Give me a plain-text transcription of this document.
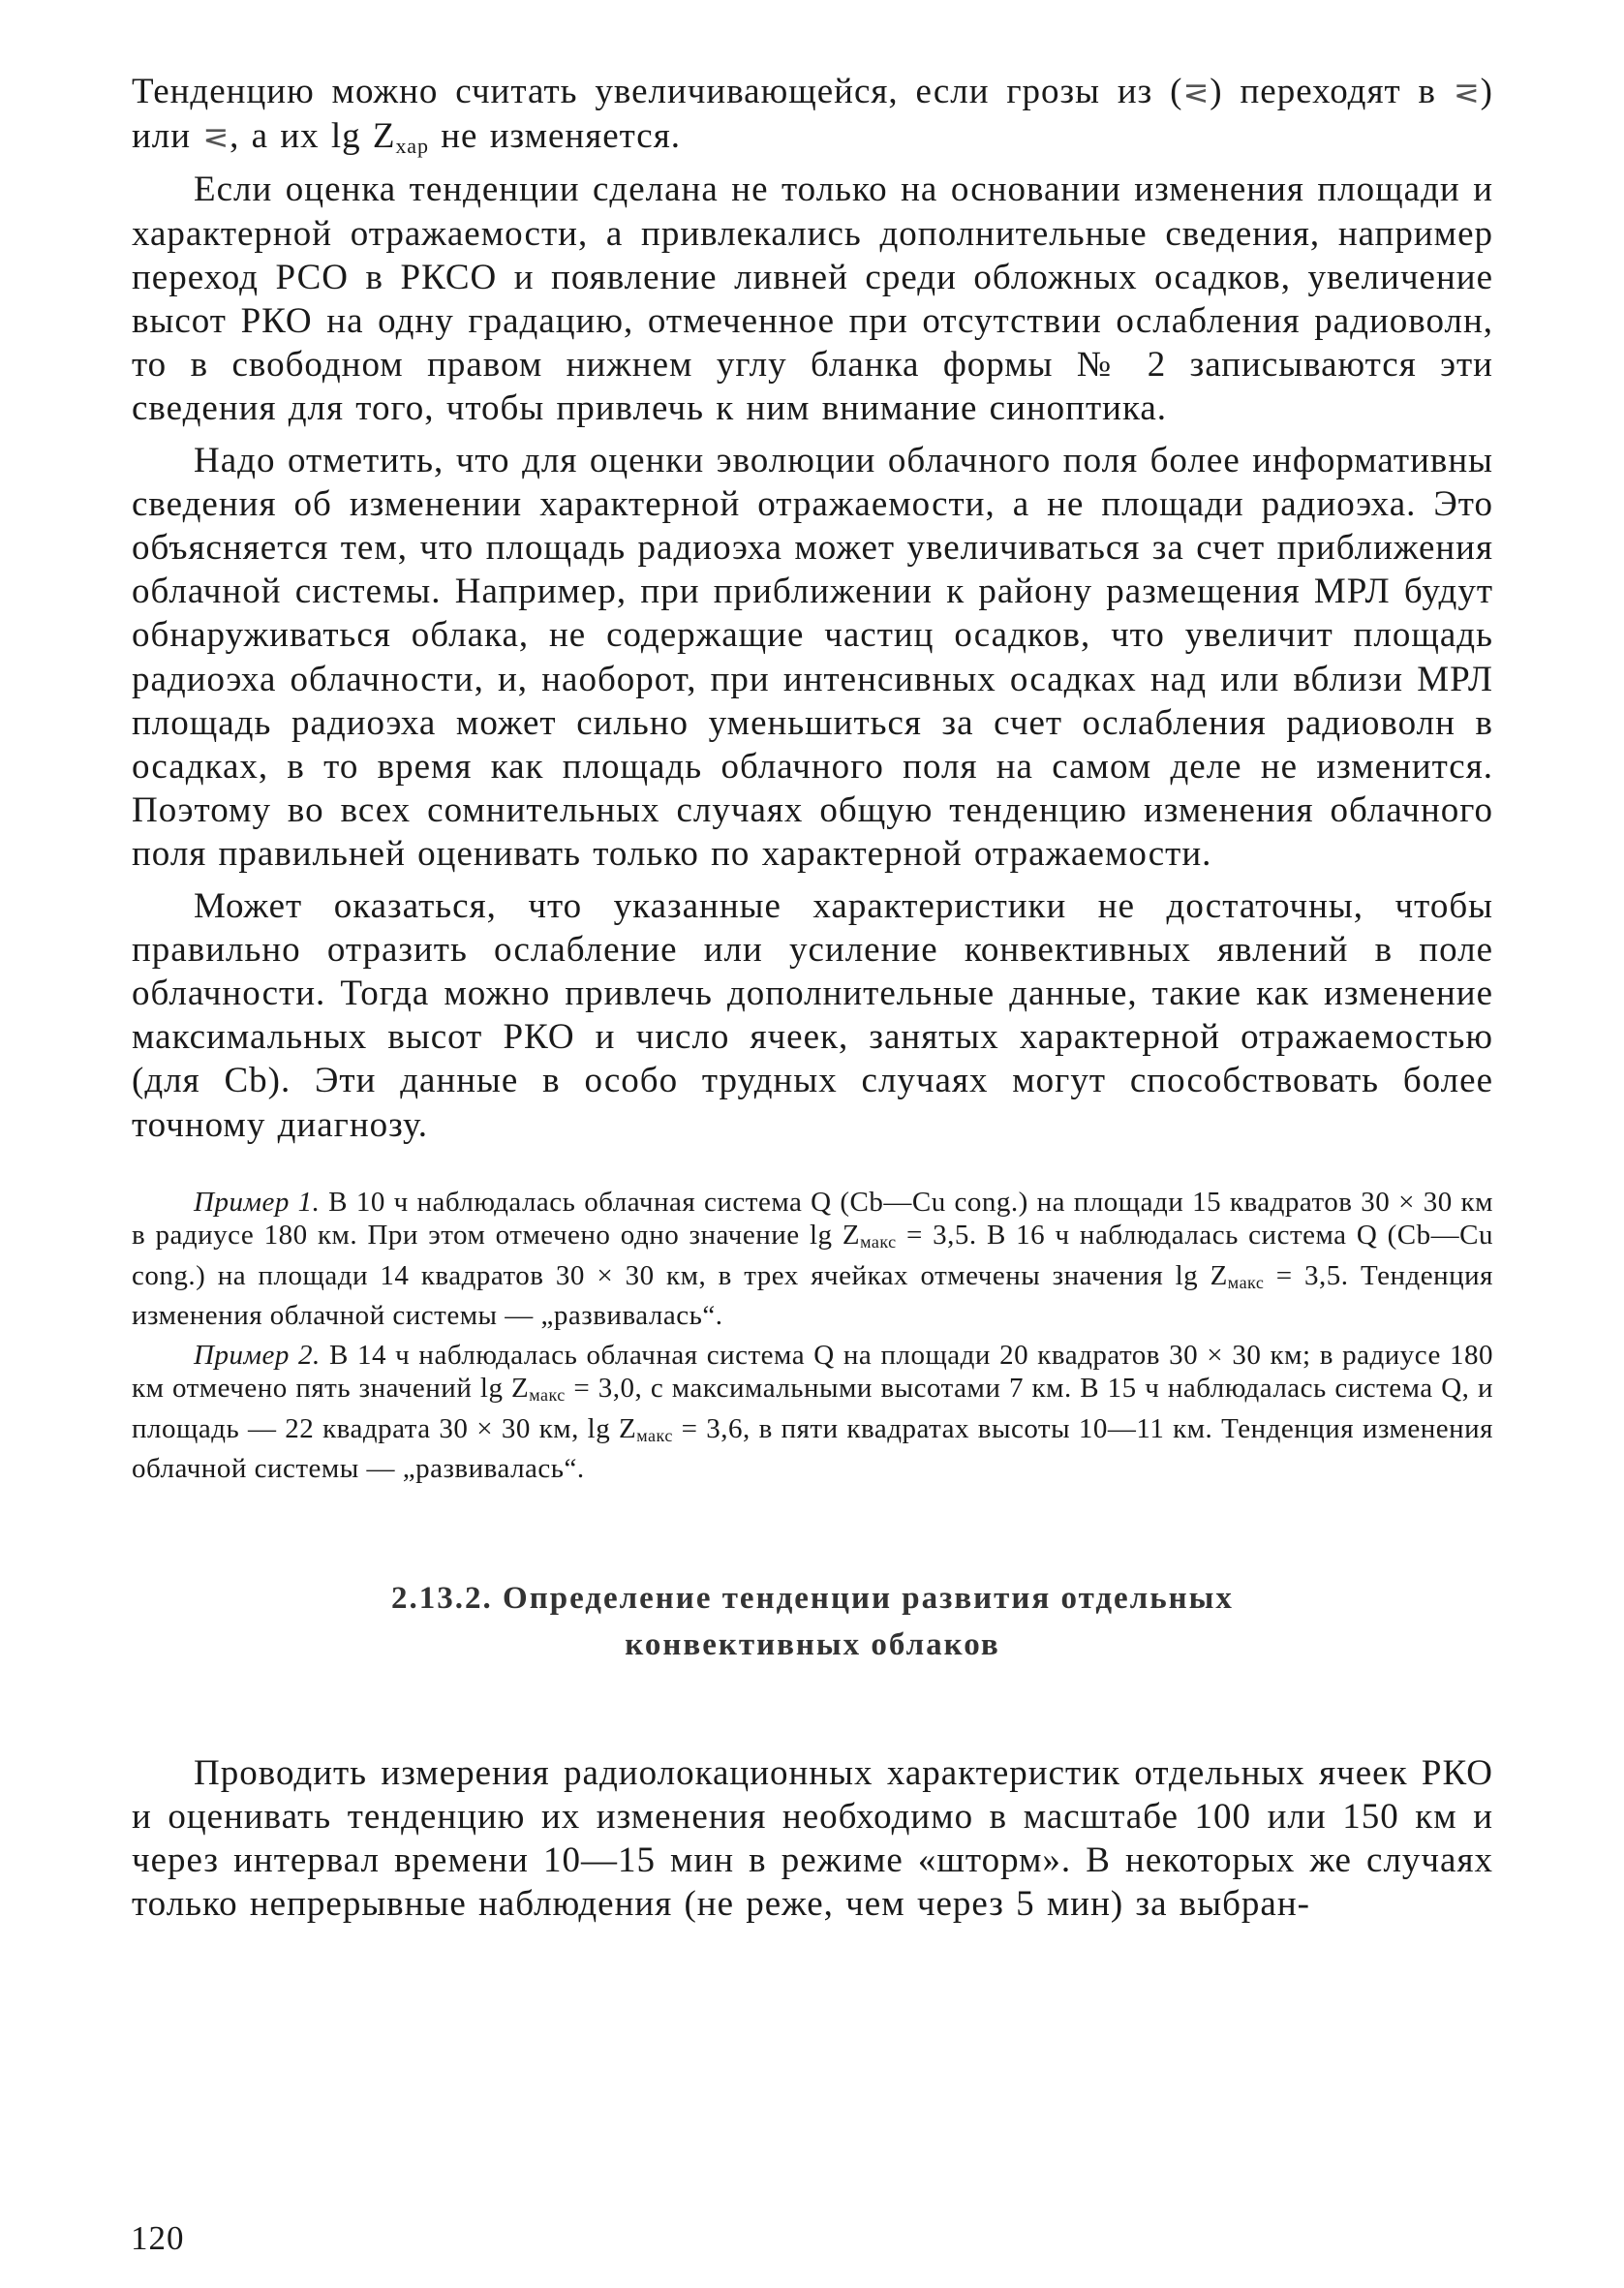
Тенденцию можно считать увеличивающейся, если грозы из (⋜) переходят в ⋜) или ⋜, а их $\lg Z_{хар}$ не изменяется.

Если оценка тенденции сделана не только на основании изменения площади и характерной отражаемости, а привлекались дополнительные сведения, например переход РСО в РКСО и появление ливней среди обложных осадков, увеличение высот РКО на одну градацию, отмеченное при отсутствии ослабления радиоволн, то в свободном правом нижнем углу бланка формы № 2 записываются эти сведения для того, чтобы привлечь к ним внимание синоптика.

Надо отметить, что для оценки эволюции облачного поля более информативны сведения об изменении характерной отражаемости, а не площади радиоэха. Это объясняется тем, что площадь радиоэха может увеличиваться за счет приближения облачной системы. Например, при приближении к району размещения МРЛ будут обнаруживаться облака, не содержащие частиц осадков, что увеличит площадь радиоэха облачности, и, наоборот, при интенсивных осадках над или вблизи МРЛ площадь радиоэха может сильно уменьшиться за счет ослабления радиоволн в осадках, в то время как площадь облачного поля на самом деле не изменится. Поэтому во всех сомнительных случаях общую тенденцию изменения облачного поля правильней оценивать только по характерной отражаемости.

Может оказаться, что указанные характеристики не достаточны, чтобы правильно отразить ослабление или усиление конвективных явлений в поле облачности. Тогда можно привлечь дополнительные данные, такие как изменение максимальных высот РКО и число ячеек, занятых характерной отражаемостью (для Cb). Эти данные в особо трудных случаях могут способствовать более точному диагнозу.

Пример 1. В 10 ч наблюдалась облачная система Q (Cb—Cu cong.) на площади 15 квадратов 30 × 30 км в радиусе 180 км. При этом отмечено одно значение lg Zмакс = 3,5. В 16 ч наблюдалась система Q (Cb—Cu cong.) на площади 14 квадратов 30 × 30 км, в трех ячейках отмечены значения lg Zмакс = 3,5. Тенденция изменения облачной системы — „развивалась“.

Пример 2. В 14 ч наблюдалась облачная система Q на площади 20 квадратов 30 × 30 км; в радиусе 180 км отмечено пять значений lg Zмакс = 3,0, с максимальными высотами 7 км. В 15 ч наблюдалась система Q, и площадь — 22 квадрата 30 × 30 км, lg Zмакс = 3,6, в пяти квадратах высоты 10—11 км. Тенденция изменения облачной системы — „развивалась“.

2.13.2. Определение тенденции развития отдельных
конвективных облаков

Проводить измерения радиолокационных характеристик отдельных ячеек РКО и оценивать тенденцию их изменения необходимо в масштабе 100 или 150 км и через интервал времени 10—15 мин в режиме «шторм». В некоторых же случаях только непрерывные наблюдения (не реже, чем через 5 мин) за выбран-

120
